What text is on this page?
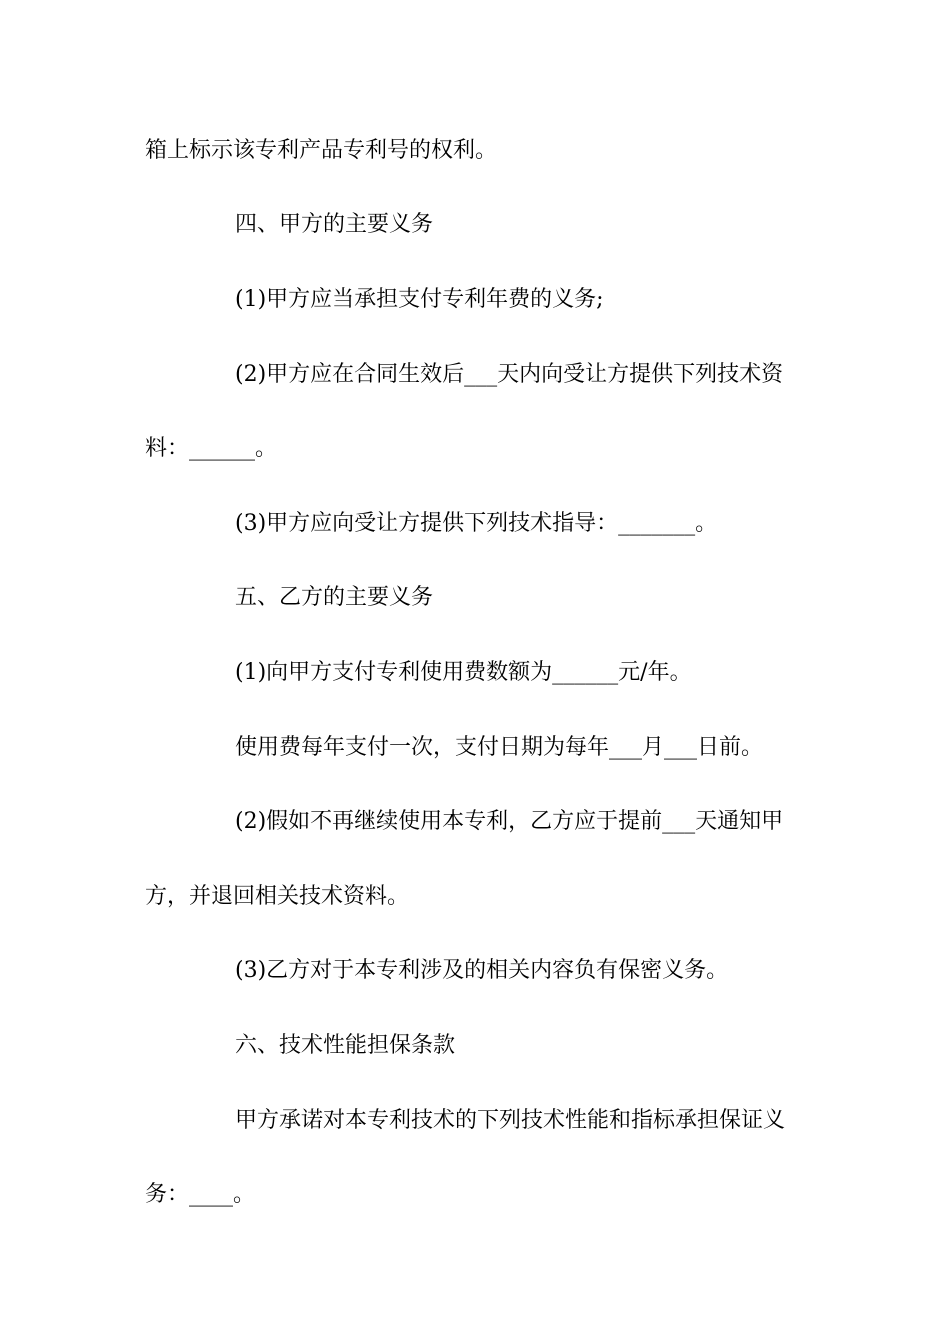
箱上标示该专利产品专利号的权利。
四、甲方的主要义务
(1)甲方应当承担支付专利年费的义务;
(2)甲方应在合同生效后___天内向受让方提供下列技术资
料：______。
(3)甲方应向受让方提供下列技术指导：_______。
五、乙方的主要义务
(1)向甲方支付专利使用费数额为______元/年。
使用费每年支付一次，支付日期为每年___月___日前。
(2)假如不再继续使用本专利，乙方应于提前___天通知甲
方，并退回相关技术资料。
(3)乙方对于本专利涉及的相关内容负有保密义务。
六、技术性能担保条款
甲方承诺对本专利技术的下列技术性能和指标承担保证义
务：____。
